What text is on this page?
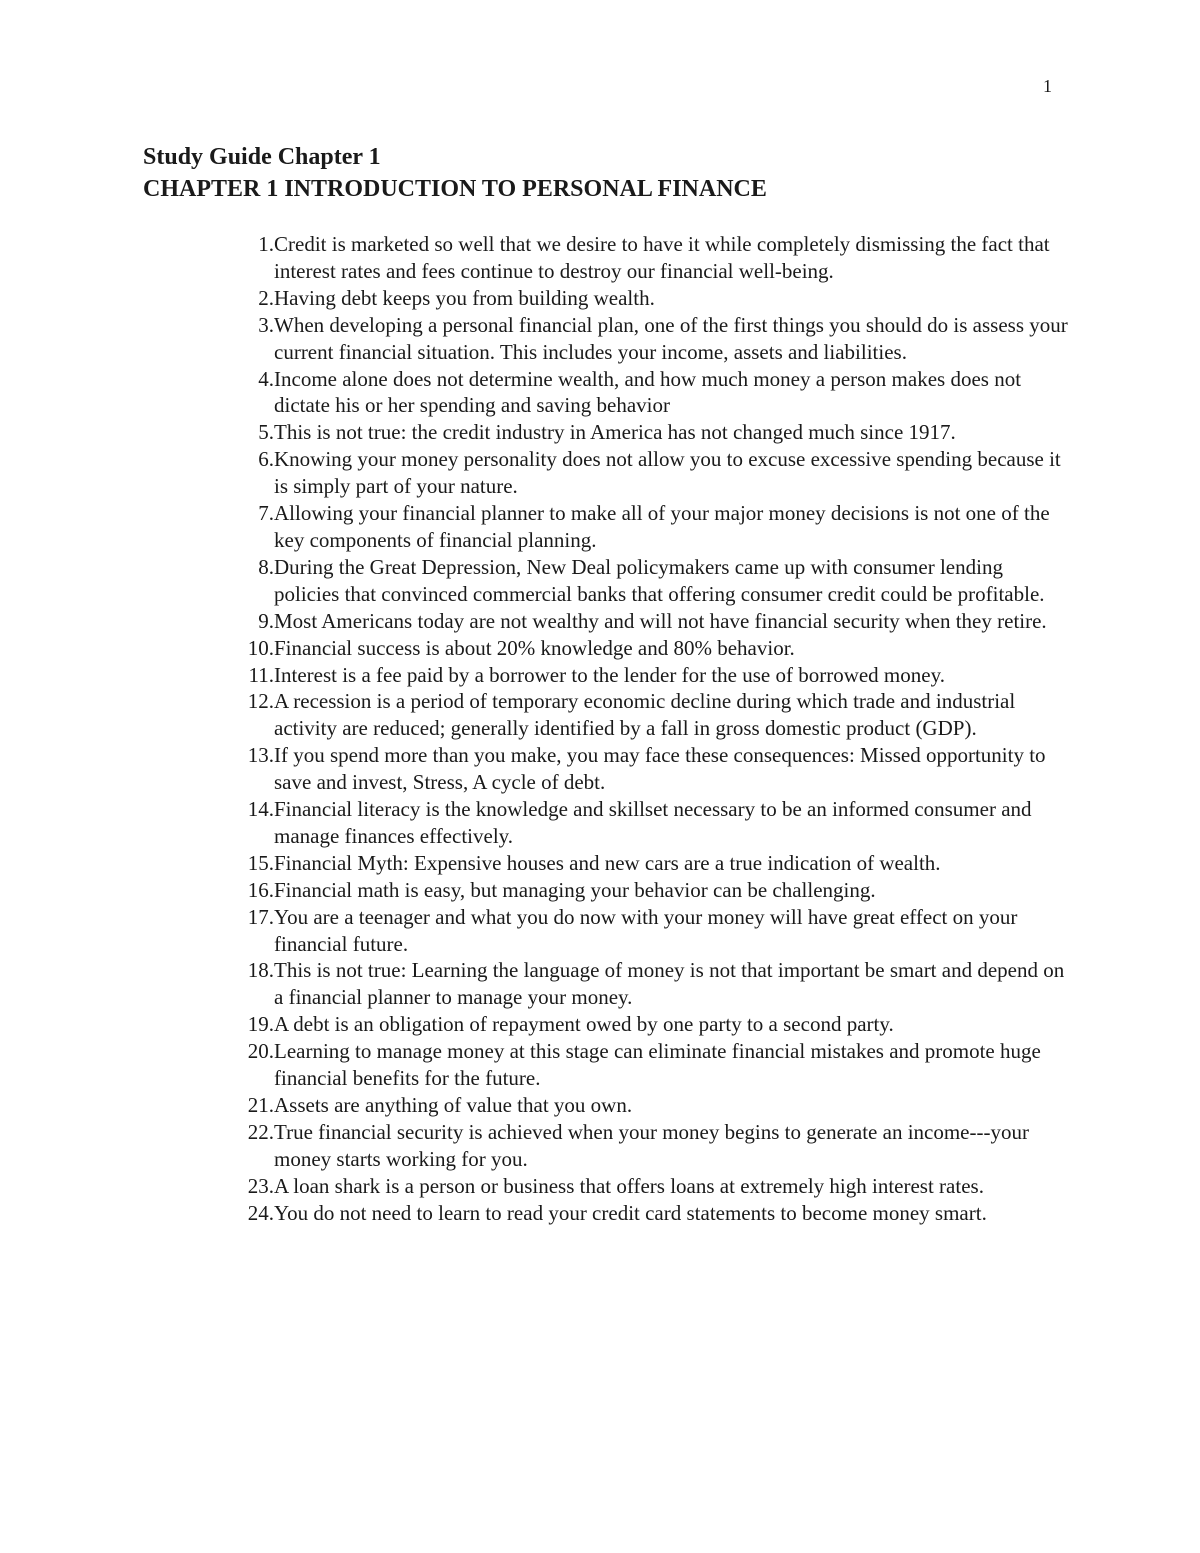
1
Study Guide Chapter 1
CHAPTER 1 INTRODUCTION TO PERSONAL FINANCE
1. Credit is marketed so well that we desire to have it while completely dismissing the fact that interest rates and fees continue to destroy our financial well-being.
2. Having debt keeps you from building wealth.
3. When developing a personal financial plan, one of the first things you should do is assess your current financial situation. This includes your income, assets and liabilities.
4. Income alone does not determine wealth, and how much money a person makes does not dictate his or her spending and saving behavior
5. This is not true: the credit industry in America has not changed much since 1917.
6. Knowing your money personality does not allow you to excuse excessive spending because it is simply part of your nature.
7. Allowing your financial planner to make all of your major money decisions is not one of the key components of financial planning.
8. During the Great Depression, New Deal policymakers came up with consumer lending policies that convinced commercial banks that offering consumer credit could be profitable.
9. Most Americans today are not wealthy and will not have financial security when they retire.
10. Financial success is about 20% knowledge and 80% behavior.
11. Interest is a fee paid by a borrower to the lender for the use of borrowed money.
12. A recession is a period of temporary economic decline during which trade and industrial activity are reduced; generally identified by a fall in gross domestic product (GDP).
13. If you spend more than you make, you may face these consequences: Missed opportunity to save and invest, Stress, A cycle of debt.
14. Financial literacy is the knowledge and skillset necessary to be an informed consumer and manage finances effectively.
15. Financial Myth: Expensive houses and new cars are a true indication of wealth.
16. Financial math is easy, but managing your behavior can be challenging.
17. You are a teenager and what you do now with your money will have great effect on your financial future.
18. This is not true: Learning the language of money is not that important be smart and depend on a financial planner to manage your money.
19. A debt is an obligation of repayment owed by one party to a second party.
20. Learning to manage money at this stage can eliminate financial mistakes and promote huge financial benefits for the future.
21. Assets are anything of value that you own.
22. True financial security is achieved when your money begins to generate an income---your money starts working for you.
23. A loan shark is a person or business that offers loans at extremely high interest rates.
24. You do not need to learn to read your credit card statements to become money smart.
